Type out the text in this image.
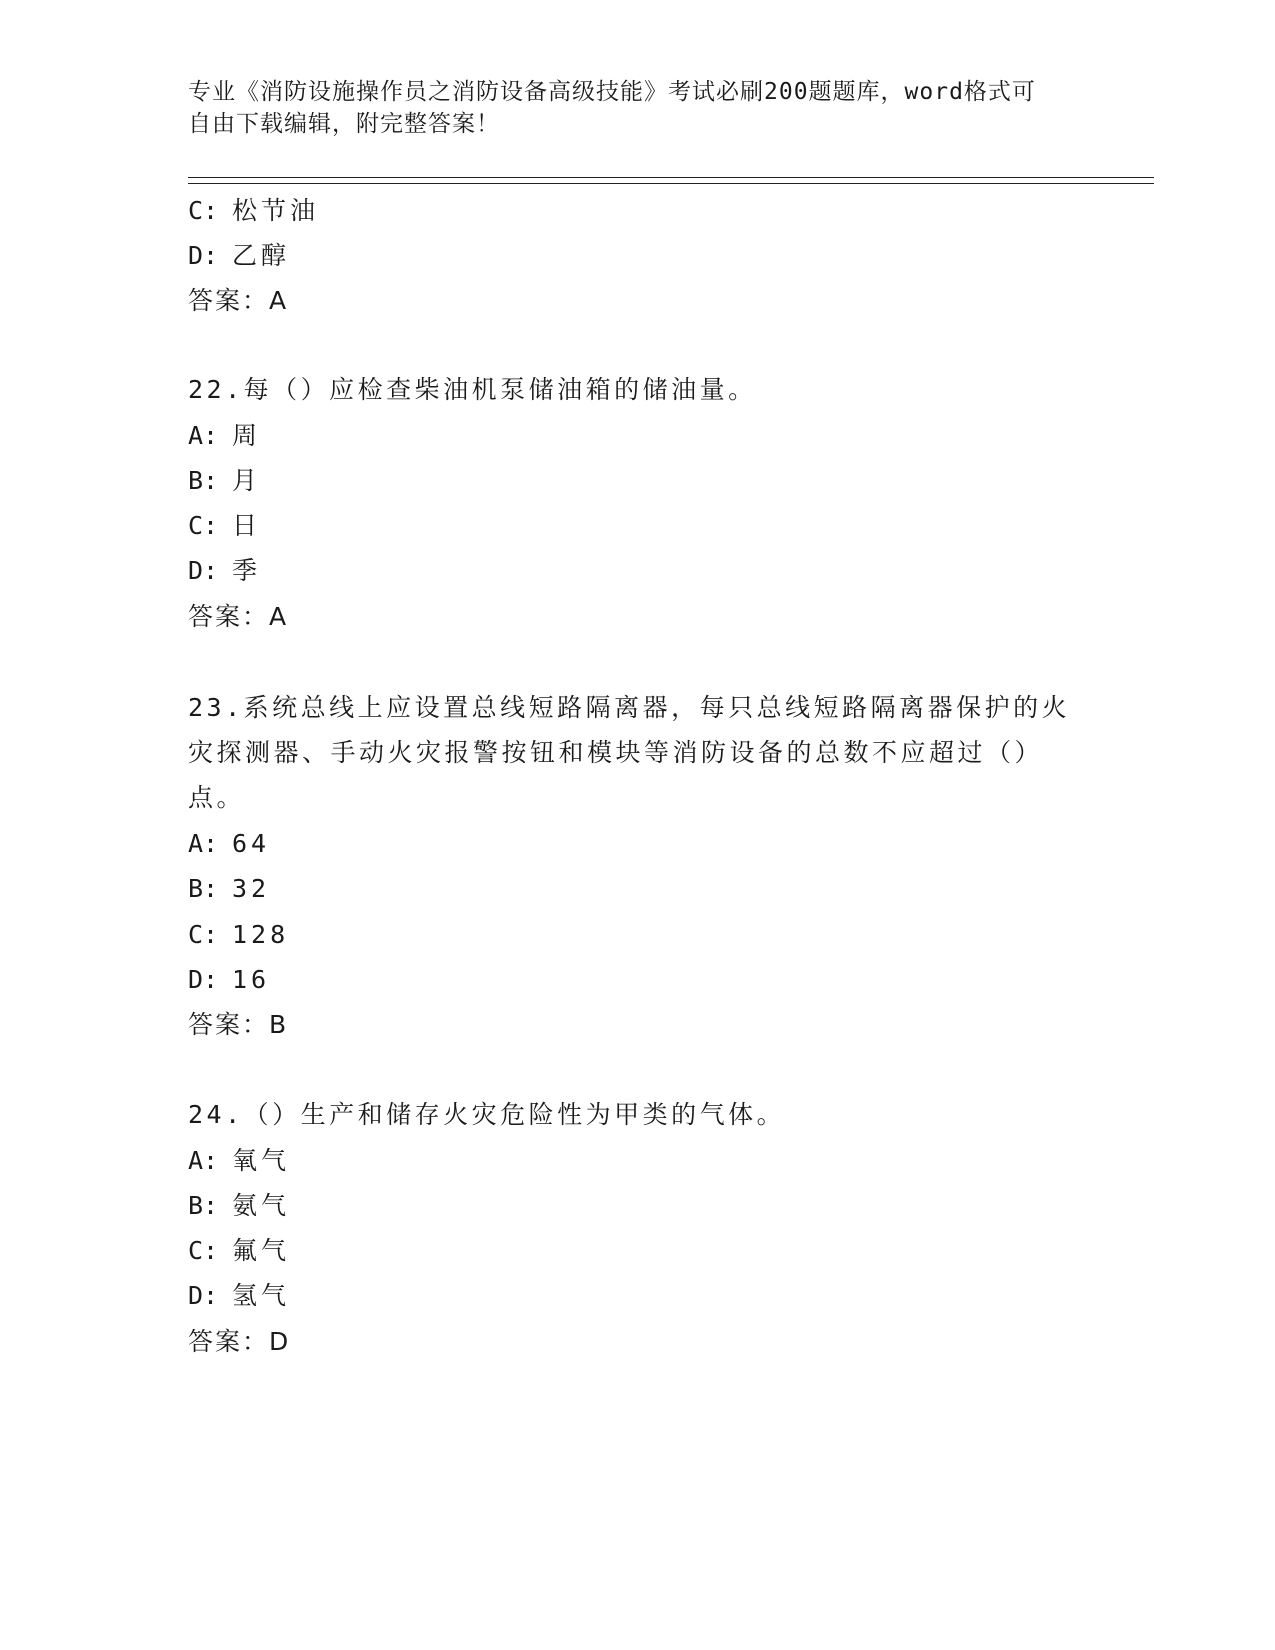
专业《消防设施操作员之消防设备高级技能》考试必刷200题题库，word格式可
自由下载编辑，附完整答案！
C: 松节油
D: 乙醇
答案：A
22.每（）应检查柴油机泵储油箱的储油量。
A: 周
B: 月
C: 日
D: 季
答案：A
23.系统总线上应设置总线短路隔离器，每只总线短路隔离器保护的火
灾探测器、手动火灾报警按钮和模块等消防设备的总数不应超过（）
点。
A: 64
B: 32
C: 128
D: 16
答案：B
24.（）生产和储存火灾危险性为甲类的气体。
A: 氧气
B: 氨气
C: 氟气
D: 氢气
答案：D
